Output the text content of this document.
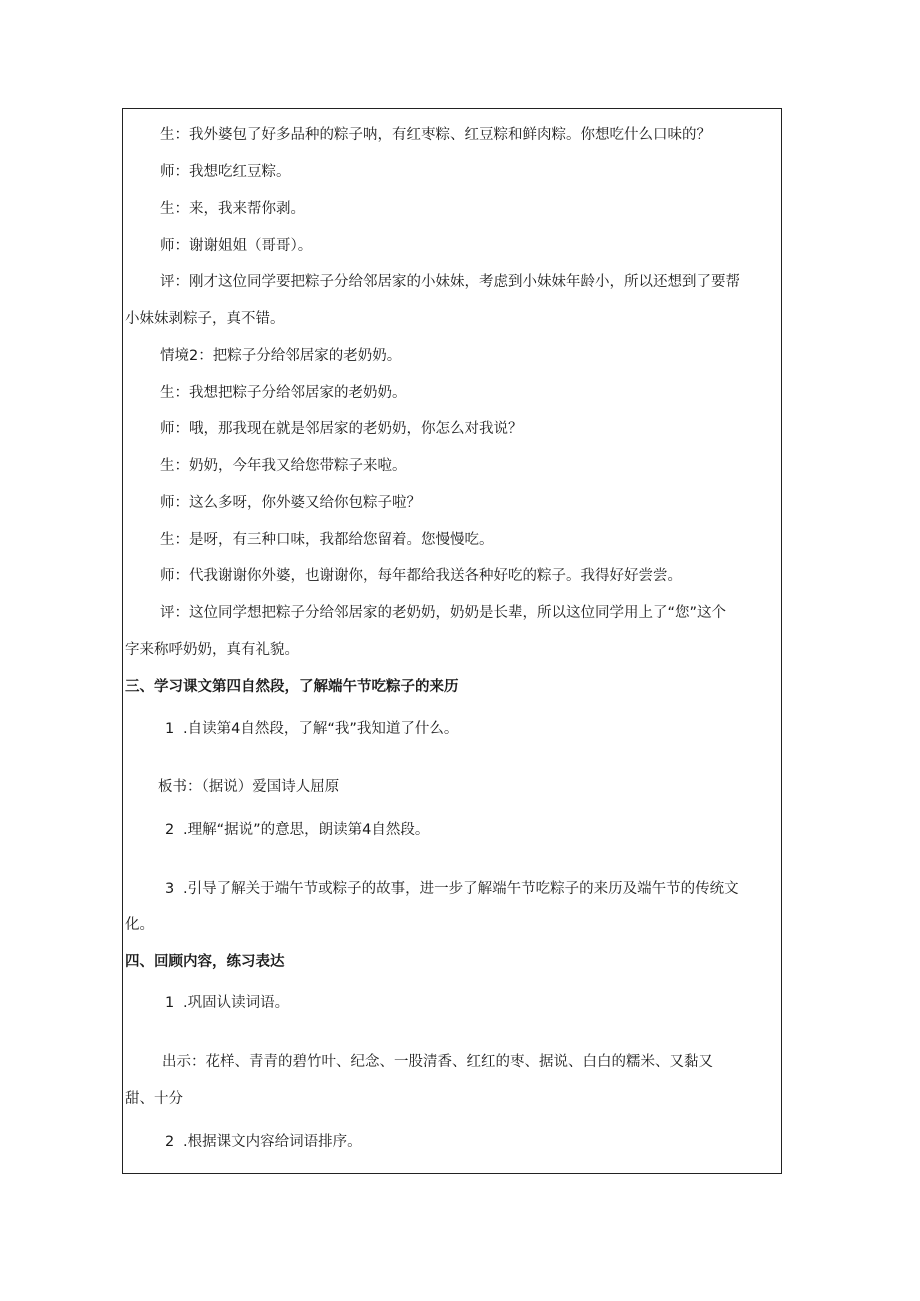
生：我外婆包了好多品种的粽子呐，有红枣粽、红豆粽和鲜肉粽。你想吃什么口味的？
师：我想吃红豆粽。
生：来，我来帮你剥。
师：谢谢姐姐（哥哥）。
评：刚才这位同学要把粽子分给邻居家的小妹妹，考虑到小妹妹年龄小，所以还想到了要帮
小妹妹剥粽子，真不错。
情境2：把粽子分给邻居家的老奶奶。
生：我想把粽子分给邻居家的老奶奶。
师：哦，那我现在就是邻居家的老奶奶，你怎么对我说？
生：奶奶，今年我又给您带粽子来啦。
师：这么多呀，你外婆又给你包粽子啦？
生：是呀，有三种口味，我都给您留着。您慢慢吃。
师：代我谢谢你外婆，也谢谢你，每年都给我送各种好吃的粽子。我得好好尝尝。
评：这位同学想把粽子分给邻居家的老奶奶，奶奶是长辈，所以这位同学用上了“您”这个
字来称呼奶奶，真有礼貌。
三、学习课文第四自然段，了解端午节吃粽子的来历
1 .自读第4自然段，了解“我”我知道了什么。
板书：（据说）爱国诗人屈原
2 .理解“据说”的意思，朗读第4自然段。
3 .引导了解关于端午节或粽子的故事，进一步了解端午节吃粽子的来历及端午节的传统文
化。
四、回顾内容，练习表达
1 .巩固认读词语。
出示：花样、青青的碧竹叶、纪念、一股清香、红红的枣、据说、白白的糯米、又黏又
甜、十分
2 .根据课文内容给词语排序。
